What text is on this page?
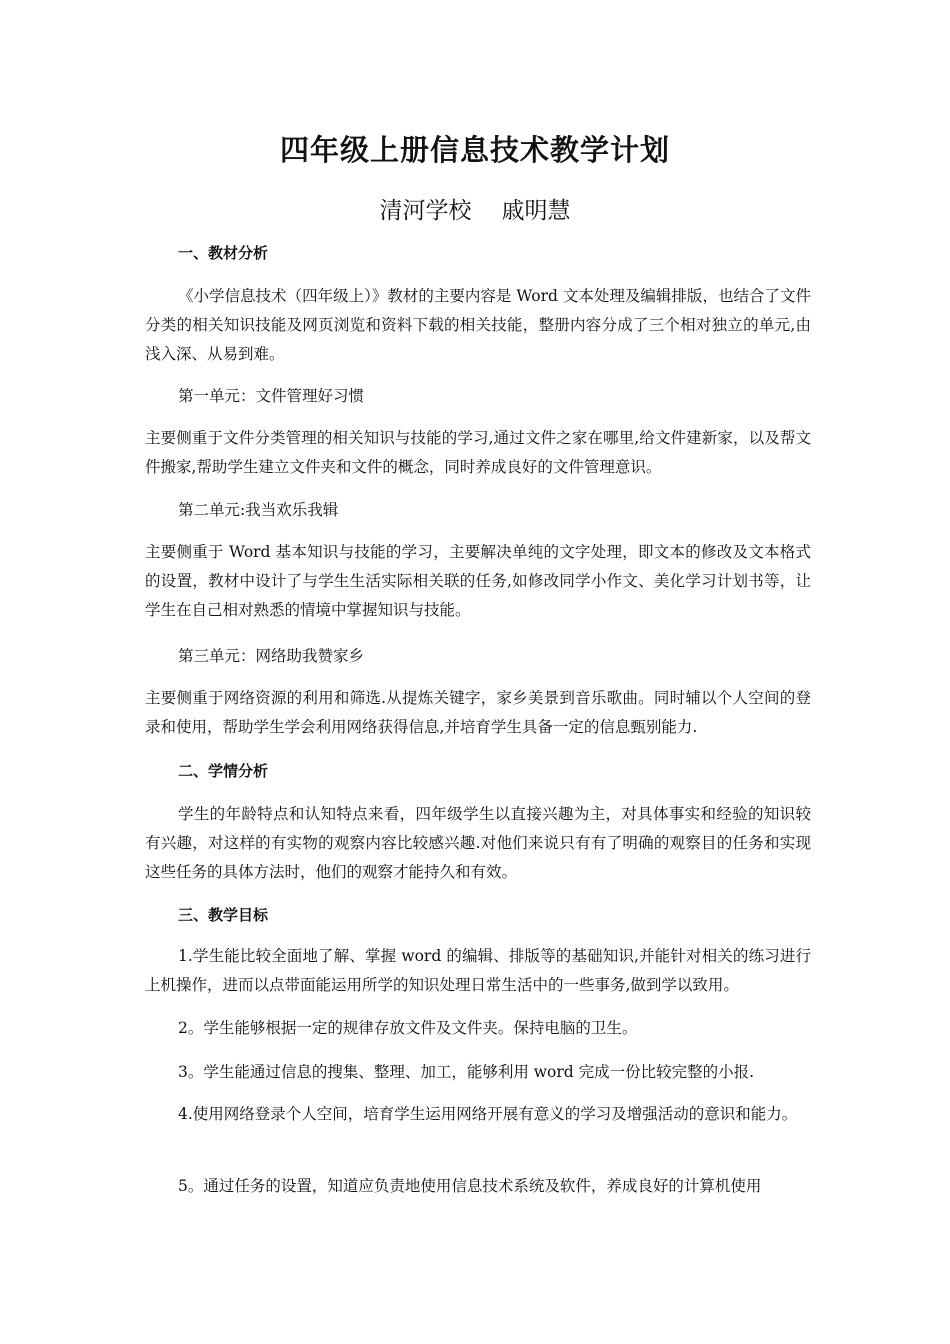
四年级上册信息技术教学计划
清河学校 戚明慧
一、教材分析
《小学信息技术（四年级上）》教材的主要内容是 Word 文本处理及编辑排版，也结合了文件分类的相关知识技能及网页浏览和资料下载的相关技能，整册内容分成了三个相对独立的单元,由浅入深、从易到难。
第一单元：文件管理好习惯
主要侧重于文件分类管理的相关知识与技能的学习,通过文件之家在哪里,给文件建新家，以及帮文件搬家,帮助学生建立文件夹和文件的概念，同时养成良好的文件管理意识。
第二单元:我当欢乐我辑
主要侧重于 Word 基本知识与技能的学习，主要解决单纯的文字处理，即文本的修改及文本格式的设置，教材中设计了与学生生活实际相关联的任务,如修改同学小作文、美化学习计划书等，让学生在自己相对熟悉的情境中掌握知识与技能。
第三单元：网络助我赞家乡
主要侧重于网络资源的利用和筛选.从提炼关键字，家乡美景到音乐歌曲。同时辅以个人空间的登录和使用，帮助学生学会利用网络获得信息,并培育学生具备一定的信息甄别能力.
二、学情分析
学生的年龄特点和认知特点来看，四年级学生以直接兴趣为主，对具体事实和经验的知识较有兴趣，对这样的有实物的观察内容比较感兴趣.对他们来说只有有了明确的观察目的任务和实现这些任务的具体方法时，他们的观察才能持久和有效。
三、教学目标
1.学生能比较全面地了解、掌握 word 的编辑、排版等的基础知识,并能针对相关的练习进行上机操作，进而以点带面能运用所学的知识处理日常生活中的一些事务,做到学以致用。
2。学生能够根据一定的规律存放文件及文件夹。保持电脑的卫生。
3。学生能通过信息的搜集、整理、加工，能够利用 word 完成一份比较完整的小报.
4.使用网络登录个人空间，培育学生运用网络开展有意义的学习及增强活动的意识和能力。
5。通过任务的设置，知道应负责地使用信息技术系统及软件，养成良好的计算机使用
